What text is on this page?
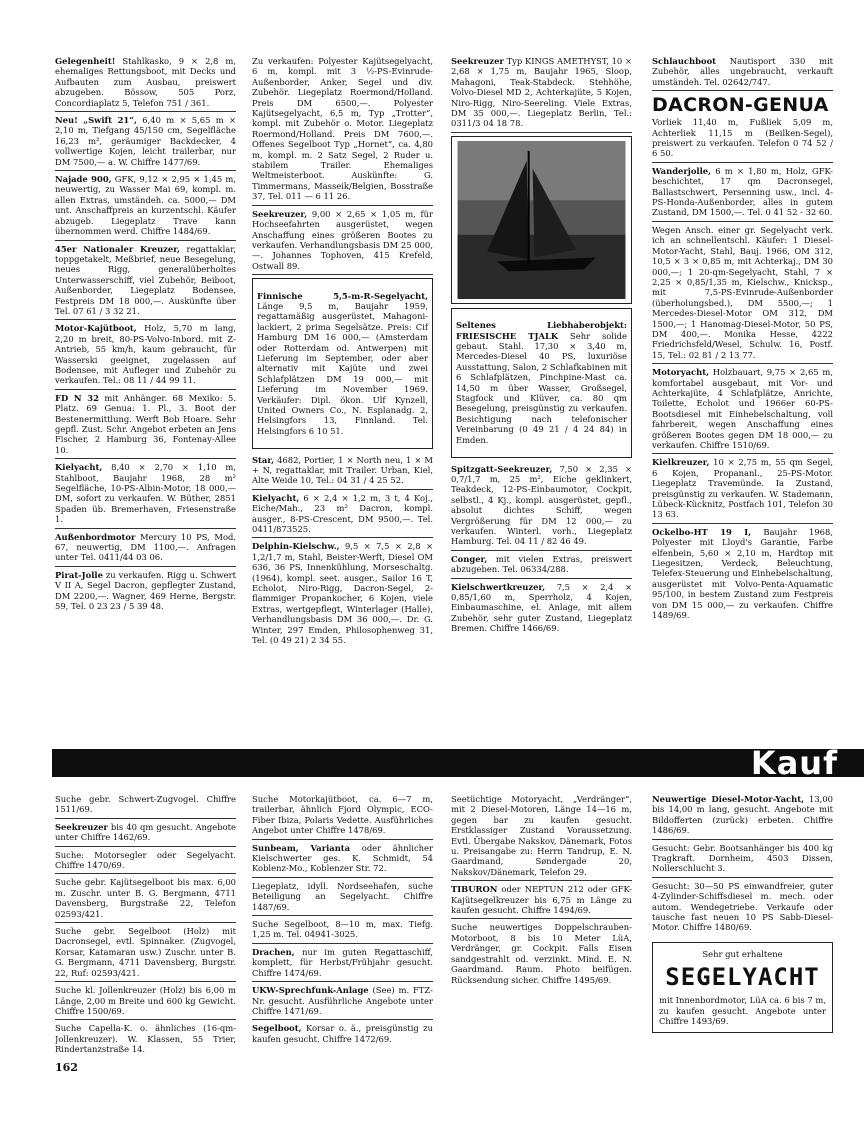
Gelegenheit! Stahlkasko, 9 × 2,8 m, ehemaliges Rettungsboot, mit Decks und Aufbauten zum Ausbau, preiswert abzugeben. Bössow, 505 Porz, Concordiaplatz 5, Telefon 751 / 361.

Neu! „Swift 21“, 6,40 m × 5,65 m × 2,10 m, Tiefgang 45/150 cm, Segelfläche 16,23 m², geräumiger Backdecker, 4 vollwertige Kojen, leicht trailerbar, nur DM 7500,— a. W. Chiffre 1477/69.

Najade 900, GFK, 9,12 × 2,95 × 1,45 m, neuwertig, zu Wasser Mai 69, kompl. m. allen Extras, umständeh. ca. 5000,— DM unt. Anschaffpreis an kurzentschl. Käufer abzugeb. Liegeplatz Trave kann übernommen werd. Chiffre 1484/69.

45er Nationaler Kreuzer, regattaklar, toppgetakelt, Meßbrief, neue Besegelung, neues Rigg, generalüberholtes Unterwasserschiff, viel Zubehör, Beiboot, Außenborder, Liegeplatz Bodensee, Festpreis DM 18 000,—. Auskünfte über Tel. 07 61 / 3 32 21.

Motor-Kajütboot, Holz, 5,70 m lang, 2,20 m breit, 80-PS-Volvo-Inbord. mit Z-Antrieb, 55 km/h, kaum gebraucht, für Wasserski geeignet, zugelassen auf Bodensee, mit Aufleger und Zubehör zu verkaufen. Tel.: 08 11 / 44 99 11.

FD N 32 mit Anhänger. 68 Mexiko: 5. Platz. 69 Genua: 1. Pl., 3. Boot der Bestenermittlung. Werft Bob Hoare. Sehr gepfl. Zust. Schr. Angebot erbeten an Jens Fischer, 2 Hamburg 36, Fontenay-Allee 10.

Kielyacht, 8,40 × 2,70 × 1,10 m, Stahlboot, Baujahr 1968, 28 m² Segelfläche, 10-PS-Albin-Motor, 18 000,— DM, sofort zu verkaufen. W. Büther, 2851 Spaden üb. Bremerhaven, Friesenstraße 1.

Außenbordmotor Mercury 10 PS, Mod. 67, neuwertig, DM 1100,—. Anfragen unter Tel. 0411/44 03 06.

Pirat-Jolle zu verkaufen. Rigg u. Schwert V II A, Segel Dacron, gepflegter Zustand, DM 2200,—. Wagner, 469 Herne, Bergstr. 59, Tel. 0 23 23 / 5 39 48.

Zu verkaufen: Polyester Kajütsegelyacht, 6 m, kompl. mit 3 ½-PS-Evinrude-Außenborder, Anker, Segel und div. Zubehör. Liegeplatz Roermond/Holland. Preis DM 6500,—. Polyester Kajütsegelyacht, 6,5 m, Typ „Trotter“, kompl. mit Zubehör o. Motor. Liegeplatz Roermond/Holland. Preis DM 7600,—. Offenes Segelboot Typ „Hornet“, ca. 4,80 m, kompl. m. 2 Satz Segel, 2 Ruder u. stabilem Trailer. Ehemaliges Weltmeisterboot. Auskünfte: G. Timmermans, Masseik/Belgien, Bosstraße 37, Tel. 011 — 6 11 26.

Seekreuzer, 9,00 × 2,65 × 1,05 m, für Hochseefahrten ausgerüstet, wegen Anschaffung eines größeren Bootes zu verkaufen. Verhandlungsbasis DM 25 000,—. Johannes Tophoven, 415 Krefeld, Ostwall 89.

Finnische 5,5-m-R-Segelyacht, Länge 9,5 m, Baujahr 1959, regattamäßig ausgerüstet, Mahagoni-lackiert, 2 prima Segelsätze. Preis: Cif Hamburg DM 16 000,— (Amsterdam oder Rotterdam od. Antwerpen) mit Lieferung im September, oder aber alternativ mit Kajüte und zwei Schlafplätzen DM 19 000,— mit Lieferung im November 1969. Verkäufer: Dipl. ökon. Ulf Kynzell, United Owners Co., N. Esplanadg. 2, Helsingfors 13, Finnland. Tel. Helsingfors 6 10 51.

Star, 4682, Portier, 1 × North neu, 1 × M + N, regattaklar, mit Trailer. Urban, Kiel, Alte Weide 10, Tel.: 04 31 / 4 25 52.

Kielyacht, 6 × 2,4 × 1,2 m, 3 t, 4 Koj., Eiche/Mah., 23 m² Dacron, kompl. ausger., 8-PS-Crescent, DM 9500,—. Tel. 0411/873525.

Delphin-Kielschw., 9,5 × 7,5 × 2,8 × 1,2/1,7 m, Stahl, Beister-Werft, Diesel OM 636, 36 PS, Innenkühlung, Morseschaltg. (1964), kompl. seet. ausger., Sailor 16 T, Echolot, Niro-Rigg, Dacron-Segel, 2-flammiger Propankocher, 6 Kojen, viele Extras, wertgepflegt, Winterlager (Halle), Verhandlungsbasis DM 36 000,—. Dr. G. Winter, 297 Emden, Philosophenweg 31, Tel. (0 49 21) 2 34 55.

Seekreuzer Typ KINGS AMETHYST, 10 × 2,68 × 1,75 m, Baujahr 1965, Sloop, Mahagoni, Teak-Stabdeck. Stehhöhe, Volvo-Diesel MD 2, Achterkajüte, 5 Kojen, Niro-Rigg, Niro-Seereling. Viele Extras, DM 35 000,—. Liegeplatz Berlin, Tel.: 0311/3 04 18 78.

Seltenes Liebhaberobjekt: FRIESISCHE TJALK Sehr solide gebaut. Stahl. 17,30 × 3,40 m, Mercedes-Diesel 40 PS, luxuriöse Ausstattung, Salon, 2 Schlafkabinen mit 6 Schlafplätzen, Pinchpine-Mast ca. 14,50 m über Wasser, Großsegel, Stagfock und Klüver, ca. 80 qm Besegelung, preisgünstig zu verkaufen. Besichtigung nach telefonischer Vereinbarung (0 49 21 / 4 24 84) in Emden.

Spitzgatt-Seekreuzer, 7,50 × 2,35 × 0,7/1,7 m, 25 m², Eiche geklinkert, Teakdeck, 12-PS-Einbaumotor, Cockpit, selbstl., 4 Kj., kompl. ausgerüstet, gepfl., absolut dichtes Schiff, wegen Vergrößerung für DM 12 000,— zu verkaufen. Winterl. vorh., Liegeplatz Hamburg. Tel. 04 11 / 82 46 49.

Conger, mit vielen Extras, preiswert abzugeben. Tel. 06334/288.

Kielschwertkreuzer, 7,5 × 2,4 × 0,85/1,60 m, Sperrholz, 4 Kojen, Einbaumaschine, el. Anlage, mit allem Zubehör, sehr guter Zustand, Liegeplatz Bremen. Chiffre 1466/69.

Schlauchboot Nautisport 330 mit Zubehör, alles ungebraucht, verkauft umständeh. Tel. 02642/747.

DACRON-GENUA

Vorliek 11,40 m, Fußliek 5,09 m, Achterliek 11,15 m (Beilken-Segel), preiswert zu verkaufen. Telefon 0 74 52 / 6 50.

Wanderjolle, 6 m × 1,80 m, Holz, GFK-beschichtet, 17 qm Dacronsegel, Ballastschwert, Persenning usw., incl. 4-PS-Honda-Außenborder, alles in gutem Zustand, DM 1500,—. Tel. 0 41 52 - 32 60.

Wegen Ansch. einer gr. Segelyacht verk. ich an schnellentschl. Käufer: 1 Diesel-Motor-Yacht, Stahl, Bauj. 1966, OM 312, 10,5 × 3 × 0,85 m, mit Achterkaj., DM 30 000,—; 1 20-qm-Segelyacht, Stahl, 7 × 2,25 × 0,85/1,35 m, Kielschw., Knicksp., mit 7,5-PS-Evinrude-Außenborder (überholungsbed.), DM 5500,—; 1 Mercedes-Diesel-Motor OM 312, DM 1500,—; 1 Hanomag-Diesel-Motor, 50 PS, DM 400,—. Monika Hesse, 4222 Friedrichsfeld/Wesel, Schulw. 16, Postf. 15, Tel.: 02 81 / 2 13 77.

Motoryacht, Holzbauart, 9,75 × 2,65 m, komfortabel ausgebaut, mit Vor- und Achterkajüte, 4 Schlafplätze, Anrichte, Toilette, Echolot und 1966er 60-PS-Bootsdiesel mit Einhebelschaltung, voll fahrbereit, wegen Anschaffung eines größeren Bootes gegen DM 18 000,— zu verkaufen. Chiffre 1510/69.

Kielkreuzer, 10 × 2,75 m, 55 qm Segel, 6 Kojen, Propananl., 25-PS-Motor. Liegeplatz Travemünde. Ia Zustand, preisgünstig zu verkaufen. W. Stademann, Lübeck-Kücknitz, Postfach 101, Telefon 30 13 63.

Ockelbo-HT 19 I, Baujahr 1968, Polyester mit Lloyd's Garantie, Farbe elfenbein, 5,60 × 2,10 m, Hardtop mit Liegesitzen, Verdeck, Beleuchtung, Telefex-Steuerung und Einhebelschaltung, ausgerüstet mit Volvo-Penta-Aquamatic 95/100, in bestem Zustand zum Festpreis von DM 15 000,— zu verkaufen. Chiffre 1489/69.

Kauf

Suche gebr. Schwert-Zugvogel. Chiffre 1511/69.

Seekreuzer bis 40 qm gesucht. Angebote unter Chiffre 1462/69.

Suche: Motorsegler oder Segelyacht. Chiffre 1470/69.

Suche gebr. Kajütsegelboot bis max. 6,00 m. Zuschr. unter B. G. Bergmann, 4711 Davensberg, Burgstraße 22, Telefon 02593/421.

Suche gebr. Segelboot (Holz) mit Dacronsegel, evtl. Spinnaker. (Zugvogel, Korsar, Katamaran usw.) Zuschr. unter B. G. Bergmann, 4711 Davensberg, Burgstr. 22, Ruf: 02593/421.

Suche kl. Jollenkreuzer (Holz) bis 6,00 m Länge, 2,00 m Breite und 600 kg Gewicht. Chiffre 1500/69.

Suche Capella-K. o. ähnliches (16-qm-Jollenkreuzer). W. Klassen, 55 Trier, Rindertanzstraße 14.

Suche Motorkajütboot, ca. 6—7 m, trailerbar, ähnlich Fjord Olympic, ECO-Fiber Ibiza, Polaris Vedette. Ausführliches Angebot unter Chiffre 1478/69.

Sunbeam, Varianta oder ähnlicher Kielschwerter ges. K. Schmidt, 54 Koblenz-Mo., Koblenzer Str. 72.

Liegeplatz, idyll. Nordseehafen, suche Beteiligung an Segelyacht. Chiffre 1487/69.

Suche Segelboot, 8—10 m, max. Tiefg. 1,25 m. Tel. 04941-3025.

Drachen, nur im guten Regattaschiff, komplett, für Herbst/Frühjahr gesucht. Chiffre 1474/69.

UKW-Sprechfunk-Anlage (See) m. FTZ-Nr. gesucht. Ausführliche Angebote unter Chiffre 1471/69.

Segelboot, Korsar o. ä., preisgünstig zu kaufen gesucht. Chiffre 1472/69.

Seetüchtige Motoryacht, „Verdränger“, mit 2 Diesel-Motoren, Länge 14—16 m, gegen bar zu kaufen gesucht. Erstklassiger Zustand Voraussetzung. Evtl. Übergabe Nakskov, Dänemark, Fotos u. Preisangabe zu: Herrn Tandrup, E. N. Gaardmand, Søndergade 20, Nakskov/Dänemark, Telefon 29.

TIBURON oder NEPTUN 212 oder GFK-Kajütsegelkreuzer bis 6,75 m Länge zu kaufen gesucht. Chiffre 1494/69.

Suche neuwertiges Doppelschrauben-Motorboot, 8 bis 10 Meter LüA, Verdränger, gr. Cockpit. Falls Eisen sandgestrahlt od. verzinkt. Mind. E. N. Gaardmand. Raum. Photo beifügen. Rücksendung sicher. Chiffre 1495/69.

Neuwertige Diesel-Motor-Yacht, 13,00 bis 14,00 m lang, gesucht. Angebote mit Bildofferten (zurück) erbeten. Chiffre 1486/69.

Gesucht: Gebr. Bootsanhänger bis 400 kg Tragkraft. Dornheim, 4503 Dissen, Nollerschlucht 3.

Gesucht: 30—50 PS einwandfreier, guter 4-Zylinder-Schiffsdiesel m. mech. oder autom. Wendegetriebe. Verkaufe oder tausche fast neuen 10 PS Sabb-Diesel-Motor. Chiffre 1480/69.

Sehr gut erhaltene
SEGELYACHT
mit Innenbordmotor, LüA ca. 6 bis 7 m, zu kaufen gesucht. Angebote unter Chiffre 1493/69.
162
